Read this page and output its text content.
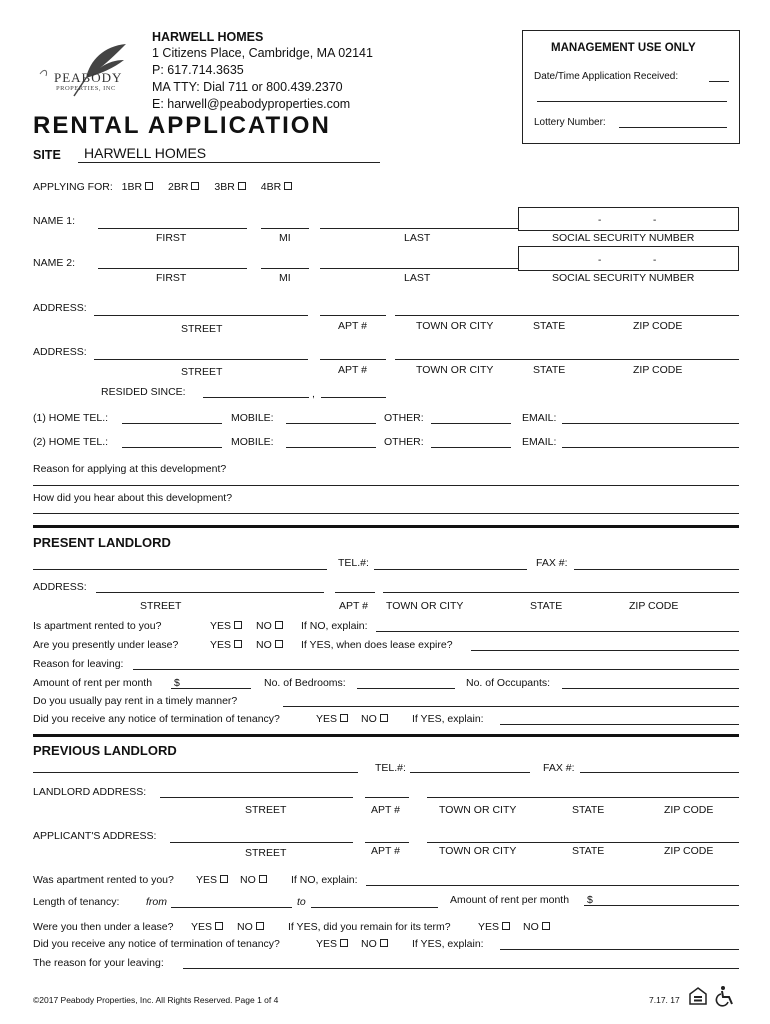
PEABODY
PROPERTIES, INC
HARWELL HOMES
1 Citizens Place, Cambridge, MA 02141
P: 617.714.3635
MA TTY: Dial 711 or 800.439.2370
E: harwell@peabodyproperties.com
MANAGEMENT USE ONLY
Date/Time Application Received:
Lottery Number:
RENTAL APPLICATION
SITE HARWELL HOMES
APPLYING FOR: 1BR 2BR 3BR 4BR
NAME 1:	-	-
FIRST	MI	LAST	SOCIAL SECURITY NUMBER
NAME 2:	-	-
FIRST	MI	LAST	SOCIAL SECURITY NUMBER
ADDRESS:
STREET	APT #	TOWN OR CITY	STATE	ZIP CODE
ADDRESS:
STREET	APT #	TOWN OR CITY	STATE	ZIP CODE
RESIDED SINCE:	,
(1) HOME TEL.:	MOBILE:	OTHER:	EMAIL:
(2) HOME TEL.:	MOBILE:	OTHER:	EMAIL:
Reason for applying at this development?
How did you hear about this development?
PRESENT LANDLORD
TEL.#:	FAX #:
ADDRESS:
STREET	APT # TOWN OR CITY	STATE	ZIP CODE
Is apartment rented to you?	YES	NO	If NO, explain:
Are you presently under lease?	YES	NO	If YES, when does lease expire?
Reason for leaving:
Amount of rent per month $	No. of Bedrooms:	No. of Occupants:
Do you usually pay rent in a timely manner?
Did you receive any notice of termination of tenancy?	YES	NO	If YES, explain:
PREVIOUS LANDLORD
TEL.#:	FAX #:
LANDLORD ADDRESS:
STREET	APT #	TOWN OR CITY	STATE	ZIP CODE
APPLICANT'S ADDRESS:
STREET	APT #	TOWN OR CITY	STATE	ZIP CODE
Was apartment rented to you? YES	NO	If NO, explain:
Length of tenancy:	from	to	Amount of rent per month $
Were you then under a lease? YES	NO	If YES, did you remain for its term?	YES	NO
Did you receive any notice of termination of tenancy?	YES	NO	If YES, explain:
The reason for your leaving:
©2017 Peabody Properties, Inc. All Rights Reserved. Page 1 of 4	7.17. 17
